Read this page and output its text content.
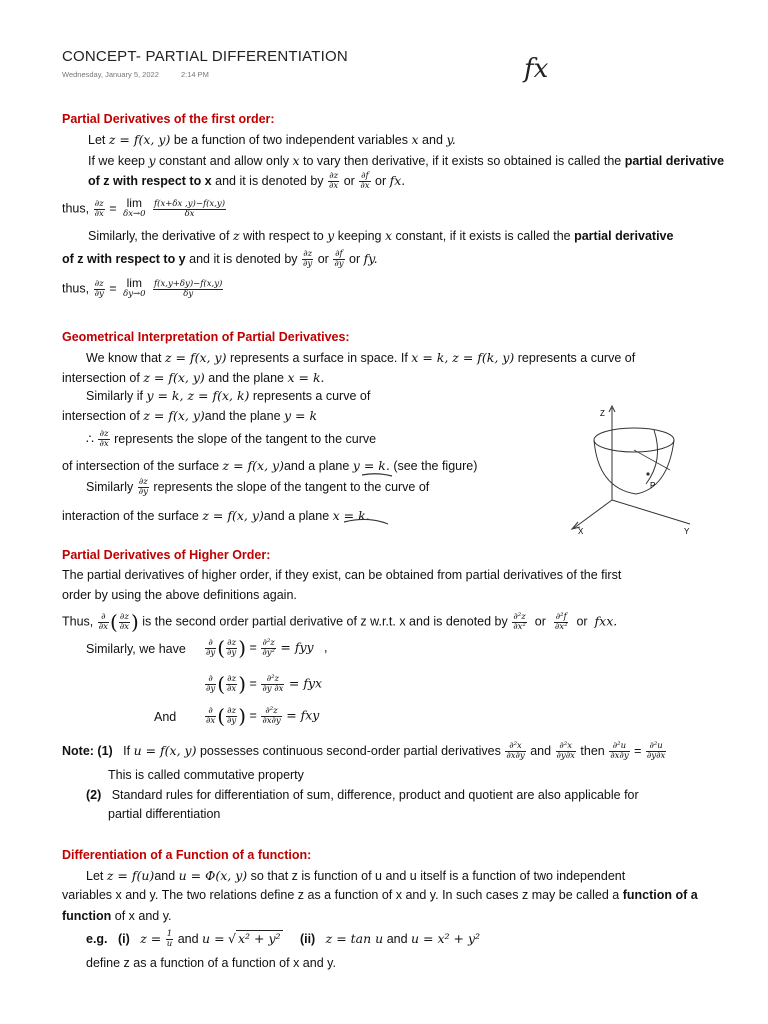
CONCEPT- PARTIAL DIFFERENTIATION
Wednesday, January 5, 2022	2:14 PM	fx
Partial Derivatives of the first order:
Let z = f(x, y) be a function of two independent variables x and y.
If we keep y constant and allow only x to vary then derivative, if it exists so obtained is called the partial derivative
of z with respect to x and it is denoted by $\frac{\partial z}{\partial x}$ or $\frac{\partial f}{\partial x}$ or fx.
thus, $\frac{\partial z}{\partial x} = \lim$
δx→0
$\frac{f(x+\delta x ,y)-f(x,y)}{\delta x}$
Similarly, the derivative of z with respect to y keeping x constant, if it exists is called the partial derivative
of z with respect to y and it is denoted by $\frac{\partial z}{\partial y}$ or $\frac{\partial f}{\partial y}$ or fy.
thus, $\frac{\partial z}{\partial y} = \lim$
δy→0
$\frac{f(x,y+\delta y)-f(x,y)}{\delta y}$
Geometrical Interpretation of Partial Derivatives:
We know that z = f(x, y) represents a surface in space. If x = k, z = f(k, y) represents a curve of
intersection of z = f(x, y) and the plane x = k.
Similarly if y = k, z = f(x, k) represents a curve of
intersection of z = f(x, y)and the plane y = k
∴ $\frac{\partial z}{\partial x}$ represents the slope of the tangent to the curve
of intersection of the surface z = f(x, y)and a plane y = k. (see the figure)
Similarly $\frac{\partial z}{\partial y}$ represents the slope of the tangent to the curve of
interaction of the surface z = f(x, y)and a plane x = k.
Z
P
X	Y
Partial Derivatives of Higher Order:
The partial derivatives of higher order, if they exist, can be obtained from partial derivatives of the first
order by using the above definitions again.
Thus, $\frac{\partial}{\partial x}$ ( $\frac{\partial z}{\partial x}$ ) is the second order partial derivative of z w.r.t. x and is denoted by $\frac{\text{∂²z}}{\text{∂x²}}$ or $\frac{\text{∂²f}}{\text{∂x²}}$ or fxx.
Similarly, we have $\frac{\partial}{\partial y}$ ( $\frac{\partial z}{\partial y}$ ) = $\frac{\text{∂²z}}{\text{∂y²}}$ = fyy ,
$\frac{\partial}{\partial y}$ ( $\frac{\partial z}{\partial x}$ ) = $\frac{\text{∂²z}}{\partial y \partial x}$ = fyx
And	$\frac{\partial}{\partial x}$ ( $\frac{\partial z}{\partial y}$ ) = $\frac{\text{∂²z}}{\partial x\partial y}$ = fxy
Note: (1) If u = f(x, y) possesses continuous second-order partial derivatives $\frac{\text{∂²x}}{\partial x\partial y}$ and $\frac{\text{∂²x}}{\partial y\partial x}$ then $\frac{\text{∂²u}}{\partial x\partial y} = \frac{\text{∂²u}}{\partial y\partial x}$
This is called commutative property
(2) Standard rules for differentiation of sum, difference, product and quotient are also applicable for
partial differentiation
Differentiation of a Function of a function:
Let z = f(u)and u = Φ(x, y) so that z is function of u and u itself is a function of two independent
variables x and y. The two relations define z as a function of x and y. In such cases z may be called a function of a
function of x and y.
e.g. (i) $z = \frac{1}{u}$ and u = √ x² + y² (ii) z = tan u and u = x² + y²
define z as a function of a function of x and y.
